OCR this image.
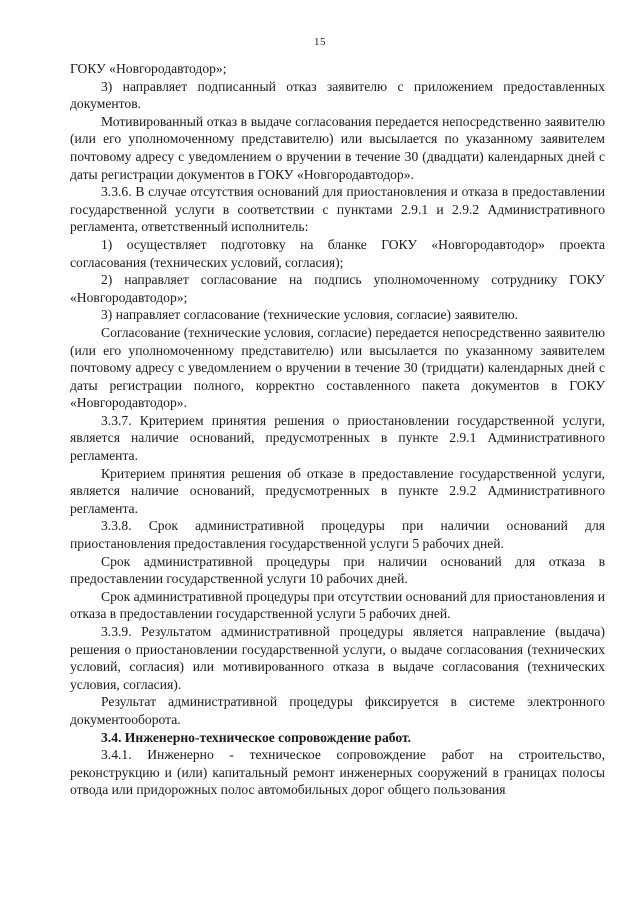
15

ГОКУ «Новгородавтодор»;

3) направляет подписанный отказ заявителю с приложением предоставленных документов.

Мотивированный отказ в выдаче согласования передается непосредственно заявителю (или его уполномоченному представителю) или высылается по указанному заявителем почтовому адресу с уведомлением о вручении в течение 30 (двадцати) календарных дней с даты регистрации документов в ГОКУ «Новгородавтодор».

3.3.6. В случае отсутствия оснований для приостановления и отказа в предоставлении государственной услуги в соответствии с пунктами 2.9.1 и 2.9.2 Административного регламента, ответственный исполнитель:

1) осуществляет подготовку на бланке ГОКУ «Новгородавтодор» проекта согласования (технических условий, согласия);

2) направляет согласование на подпись уполномоченному сотруднику ГОКУ «Новгородавтодор»;

3) направляет согласование (технические условия, согласие) заявителю.

Согласование (технические условия, согласие) передается непосредственно заявителю (или его уполномоченному представителю) или высылается по указанному заявителем почтовому адресу с уведомлением о вручении в течение 30 (тридцати) календарных дней с даты регистрации полного, корректно составленного пакета документов в ГОКУ «Новгородавтодор».

3.3.7. Критерием принятия решения о приостановлении государственной услуги, является наличие оснований, предусмотренных в пункте 2.9.1 Административного регламента.

Критерием принятия решения об отказе в предоставление государственной услуги, является наличие оснований, предусмотренных в пункте 2.9.2 Административного регламента.

3.3.8. Срок административной процедуры при наличии оснований для приостановления предоставления государственной услуги 5 рабочих дней.

Срок административной процедуры при наличии оснований для отказа в предоставлении государственной услуги 10 рабочих дней.

Срок административной процедуры при отсутствии оснований для приостановления и отказа в предоставлении государственной услуги 5 рабочих дней.

3.3.9. Результатом административной процедуры является направление (выдача) решения о приостановлении государственной услуги, о выдаче согласования (технических условий, согласия) или мотивированного отказа в выдаче согласования (технических условия, согласия).

Результат административной процедуры фиксируется в системе электронного документооборота.

3.4. Инженерно-техническое сопровождение работ.

3.4.1. Инженерно - техническое сопровождение работ на строительство, реконструкцию и (или) капитальный ремонт инженерных сооружений в границах полосы отвода или придорожных полос автомобильных дорог общего пользования
